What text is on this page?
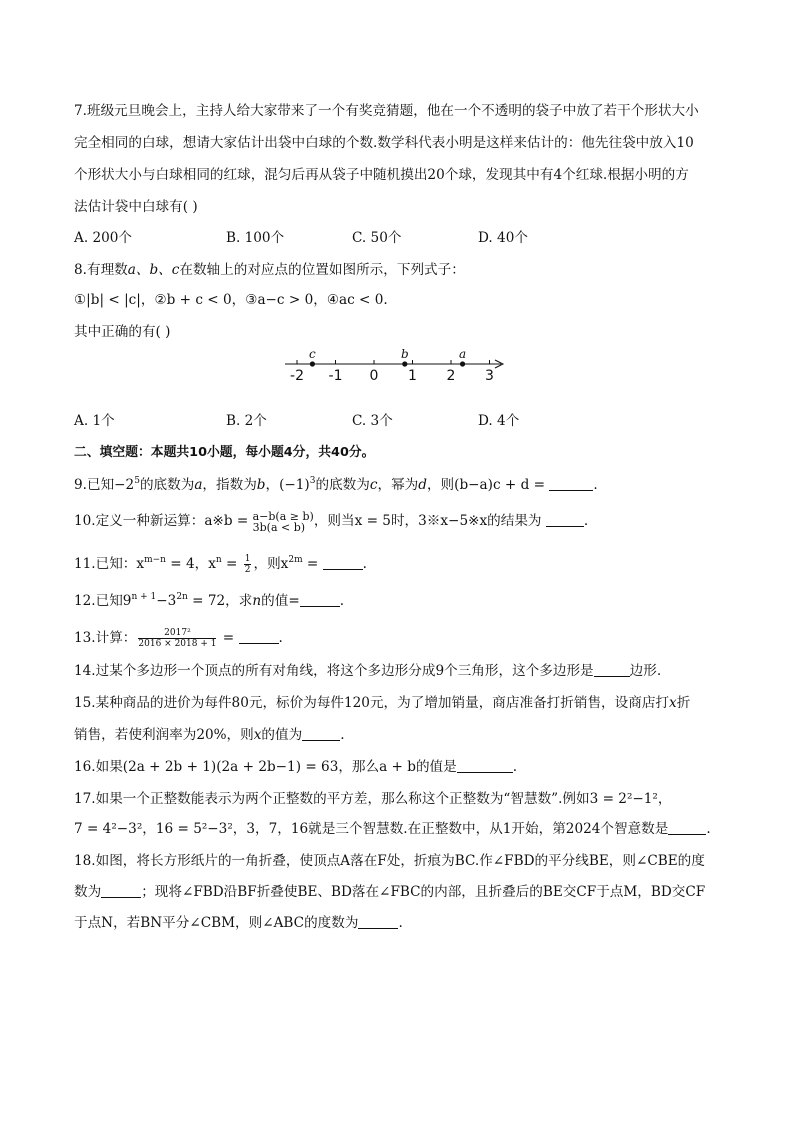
7.班级元旦晚会上，主持人给大家带来了一个有奖竞猜题，他在一个不透明的袋子中放了若干个形状大小
完全相同的白球，想请大家估计出袋中白球的个数.数学科代表小明是这样来估计的：他先往袋中放入10
个形状大小与白球相同的红球，混匀后再从袋子中随机摸出20个球，发现其中有4个红球.根据小明的方
法估计袋中白球有( )
A. 200个	B. 100个	C. 50个	D. 40个
8.有理数a、b、c在数轴上的对应点的位置如图所示，下列式子：
①|b| < |c|，②b + c < 0，③a−c > 0，④ac < 0.
其中正确的有( )
-2 -1 0 1 2 3
c	b	a
A. 1个	B. 2个	C. 3个	D. 4个
二、填空题：本题共10小题，每小题4分，共40分。
9.已知$-2^5$的底数为a，指数为b，$(-1)^3$的底数为c，幂为d，则(b−a)c + d =	.
10.定义一种新运算：a※b = a−b(a ≥ b)
3b(a < b) ，则当x = 5时，3※x−5※x的结果为	.
11.已知：$x^{m-n} = 4$，$x^n = \frac{1}{2}$ ，则$x^{2m}$ =	.
12.已知$9^{n + 1}-3^{2n} = 72$，求n的值=	.
13.计算： $\frac{\text{2017²}}{2016 \times 2018 + 1}$ =	.
14.过某个多边形一个顶点的所有对角线，将这个多边形分成9个三角形，这个多边形是	边形.
15.某种商品的进价为每件80元，标价为每件120元，为了增加销量，商店准备打折销售，设商店打x折
销售，若使利润率为20%，则x的值为	.
16.如果(2a + 2b + 1)(2a + 2b−1) = 63，那么a + b的值是	.
17.如果一个正整数能表示为两个正整数的平方差，那么称这个正整数为“智慧数”.例如3 = 2²−1²，
7 = 4²−3²，16 = 5²−3²，3，7，16就是三个智慧数.在正整数中，从1开始，第2024个智意数是	.
18.如图，将长方形纸片的一角折叠，使顶点A落在F处，折痕为BC.作∠FBD的平分线BE，则∠CBE的度
数为	；现将∠FBD沿BF折叠使BE、BD落在∠FBC的内部，且折叠后的BE交CF于点M，BD交CF
于点N，若BN平分∠CBM，则∠ABC的度数为	.
